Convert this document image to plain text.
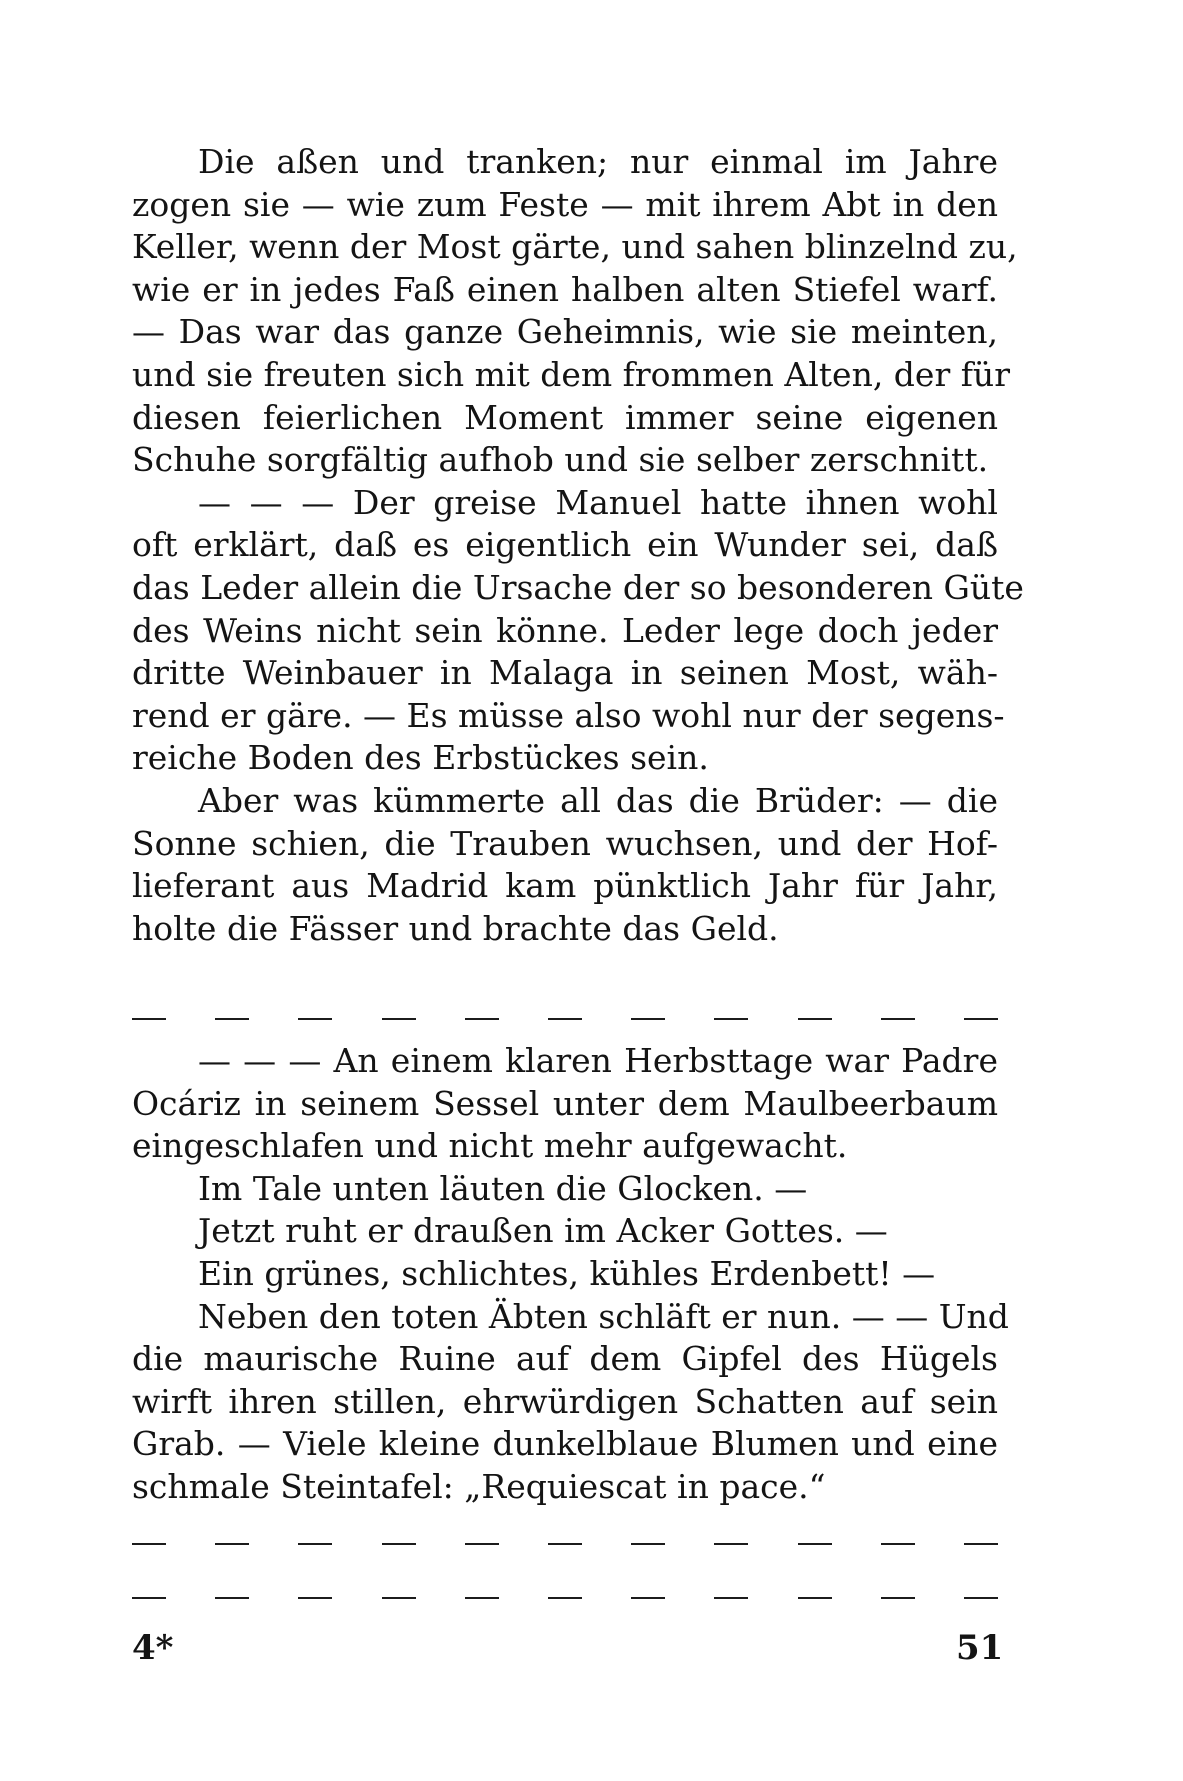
Die aßen und tranken; nur einmal im Jahre
zogen sie — wie zum Feste — mit ihrem Abt in den
Keller, wenn der Most gärte, und sahen blinzelnd zu,
wie er in jedes Faß einen halben alten Stiefel warf.
— Das war das ganze Geheimnis, wie sie meinten,
und sie freuten sich mit dem frommen Alten, der für
diesen feierlichen Moment immer seine eigenen
Schuhe sorgfältig aufhob und sie selber zerschnitt.
— — — Der greise Manuel hatte ihnen wohl
oft erklärt, daß es eigentlich ein Wunder sei, daß
das Leder allein die Ursache der so besonderen Güte
des Weins nicht sein könne. Leder lege doch jeder
dritte Weinbauer in Malaga in seinen Most, wäh-
rend er gäre. — Es müsse also wohl nur der segens-
reiche Boden des Erbstückes sein.
Aber was kümmerte all das die Brüder: — die
Sonne schien, die Trauben wuchsen, und der Hof-
lieferant aus Madrid kam pünktlich Jahr für Jahr,
holte die Fässer und brachte das Geld.
— — — An einem klaren Herbsttage war Padre
Ocáriz in seinem Sessel unter dem Maulbeerbaum
eingeschlafen und nicht mehr aufgewacht.
Im Tale unten läuten die Glocken. —
Jetzt ruht er draußen im Acker Gottes. —
Ein grünes, schlichtes, kühles Erdenbett! —
Neben den toten Äbten schläft er nun. — — Und
die maurische Ruine auf dem Gipfel des Hügels
wirft ihren stillen, ehrwürdigen Schatten auf sein
Grab. — Viele kleine dunkelblaue Blumen und eine
schmale Steintafel: „Requiescat in pace.“
4*	51
